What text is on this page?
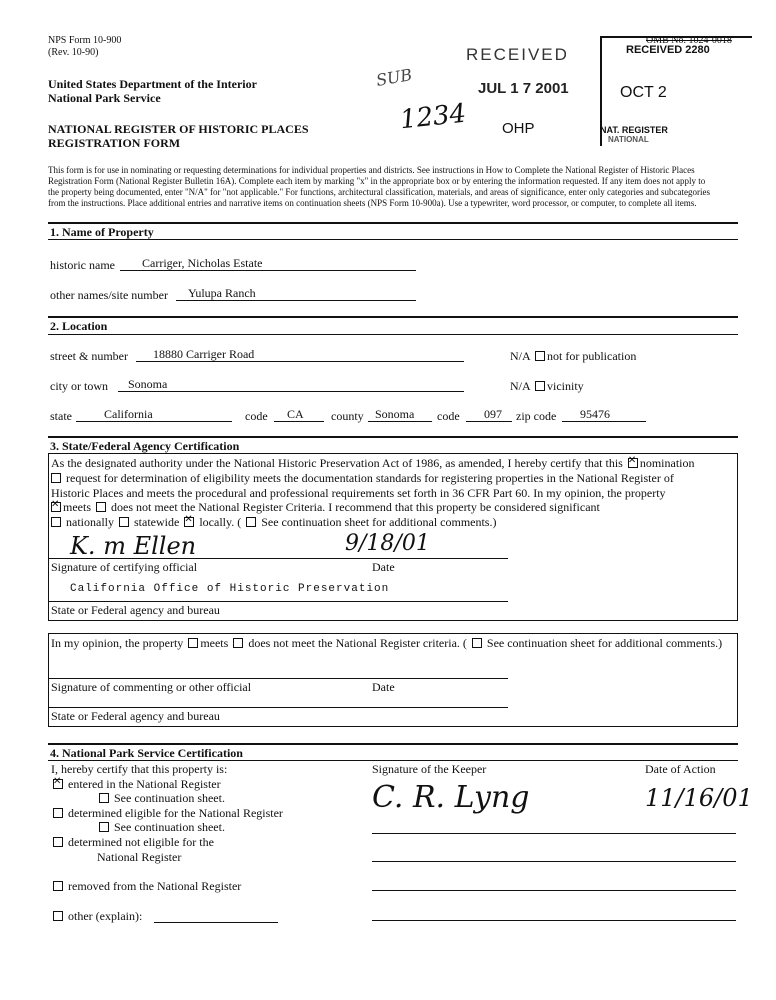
NPS Form 10-900
(Rev. 10-90)
OMB No. 1024-0018
United States Department of the Interior
National Park Service
NATIONAL REGISTER OF HISTORIC PLACES
REGISTRATION FORM
RECEIVED
JUL 1 7 2001
OHP
1234
SUB
RECEIVED 2280
OCT 2
NAT. REGISTER
NATIONAL
This form is for use in nominating or requesting determinations for individual properties and districts. See instructions in How to Complete the National Register of Historic Places
Registration Form (National Register Bulletin 16A). Complete each item by marking "x" in the appropriate box or by entering the information requested. If any item does not apply to
the property being documented, enter "N/A" for "not applicable." For functions, architectural classification, materials, and areas of significance, enter only categories and subcategories
from the instructions. Place additional entries and narrative items on continuation sheets (NPS Form 10-900a). Use a typewriter, word processor, or computer, to complete all items.
1. Name of Property
historic name Carriger, Nicholas Estate
other names/site number Yulupa Ranch
2. Location
street & number 18880 Carriger Road	N/A not for publication
city or town Sonoma	N/A vicinity
state	California	code CA county Sonoma code 097 zip code 95476
3. State/Federal Agency Certification
As the designated authority under the National Historic Preservation Act of 1986, as amended, I hereby certify that this ✕ nomination
request for determination of eligibility meets the documentation standards for registering properties in the National Register of
Historic Places and meets the procedural and professional requirements set forth in 36 CFR Part 60. In my opinion, the property
✕meets does not meet the National Register Criteria. I recommend that this property be considered significant
nationally statewide ✕ locally. (  See continuation sheet for additional comments.)
K. m Ellen	9/18/01
Signature of certifying official	Date
California Office of Historic Preservation
State or Federal agency and bureau
In my opinion, the property meets does not meet the National Register criteria. ( See continuation sheet for additional comments.)
Signature of commenting or other official	Date
State or Federal agency and bureau
4. National Park Service Certification
I, hereby certify that this property is:	Signature of the Keeper	Date of Action
✕ entered in the National Register
See continuation sheet.
determined eligible for the National Register
See continuation sheet.
determined not eligible for the
National Register
removed from the National Register
other (explain):
C. R. Lyng	11/16/01
